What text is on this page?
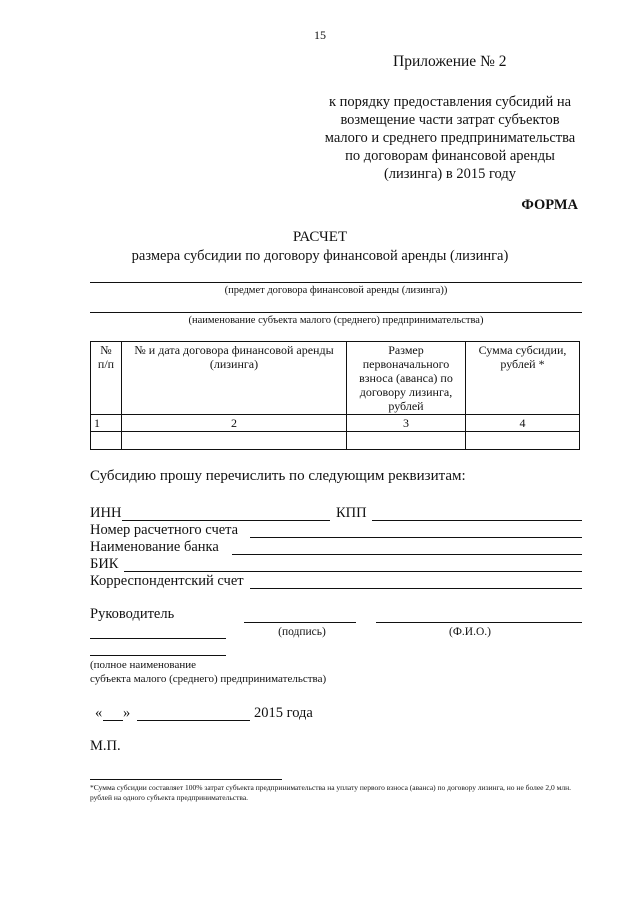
15
Приложение № 2
к порядку предоставления субсидий на
возмещение части затрат субъектов
малого и среднего предпринимательства
по договорам финансовой аренды
(лизинга) в 2015 году
ФОРМА
РАСЧЕТ
размера субсидии по договору финансовой аренды (лизинга)
(предмет договора финансовой аренды (лизинга))
(наименование субъекта малого (среднего) предпринимательства)
№ п/п	№ и дата договора финансовой аренды (лизинга)	Размер первоначального взноса (аванса) по договору лизинга, рублей	Сумма субсидии, рублей *
1	2	3	4

Субсидию прошу перечислить по следующим реквизитам:
ИНН	КПП
Номер расчетного счета
Наименование банка
БИК
Корреспондентский счет
Руководитель
(подпись)	(Ф.И.О.)
(полное наименование
субъекта малого (среднего) предпринимательства)
« »	2015 года
М.П.
*Сумма субсидии составляет 100% затрат субъекта предпринимательства на уплату первого взноса (аванса) по договору лизинга, но не более 2,0 млн. рублей на одного субъекта предпринимательства.
